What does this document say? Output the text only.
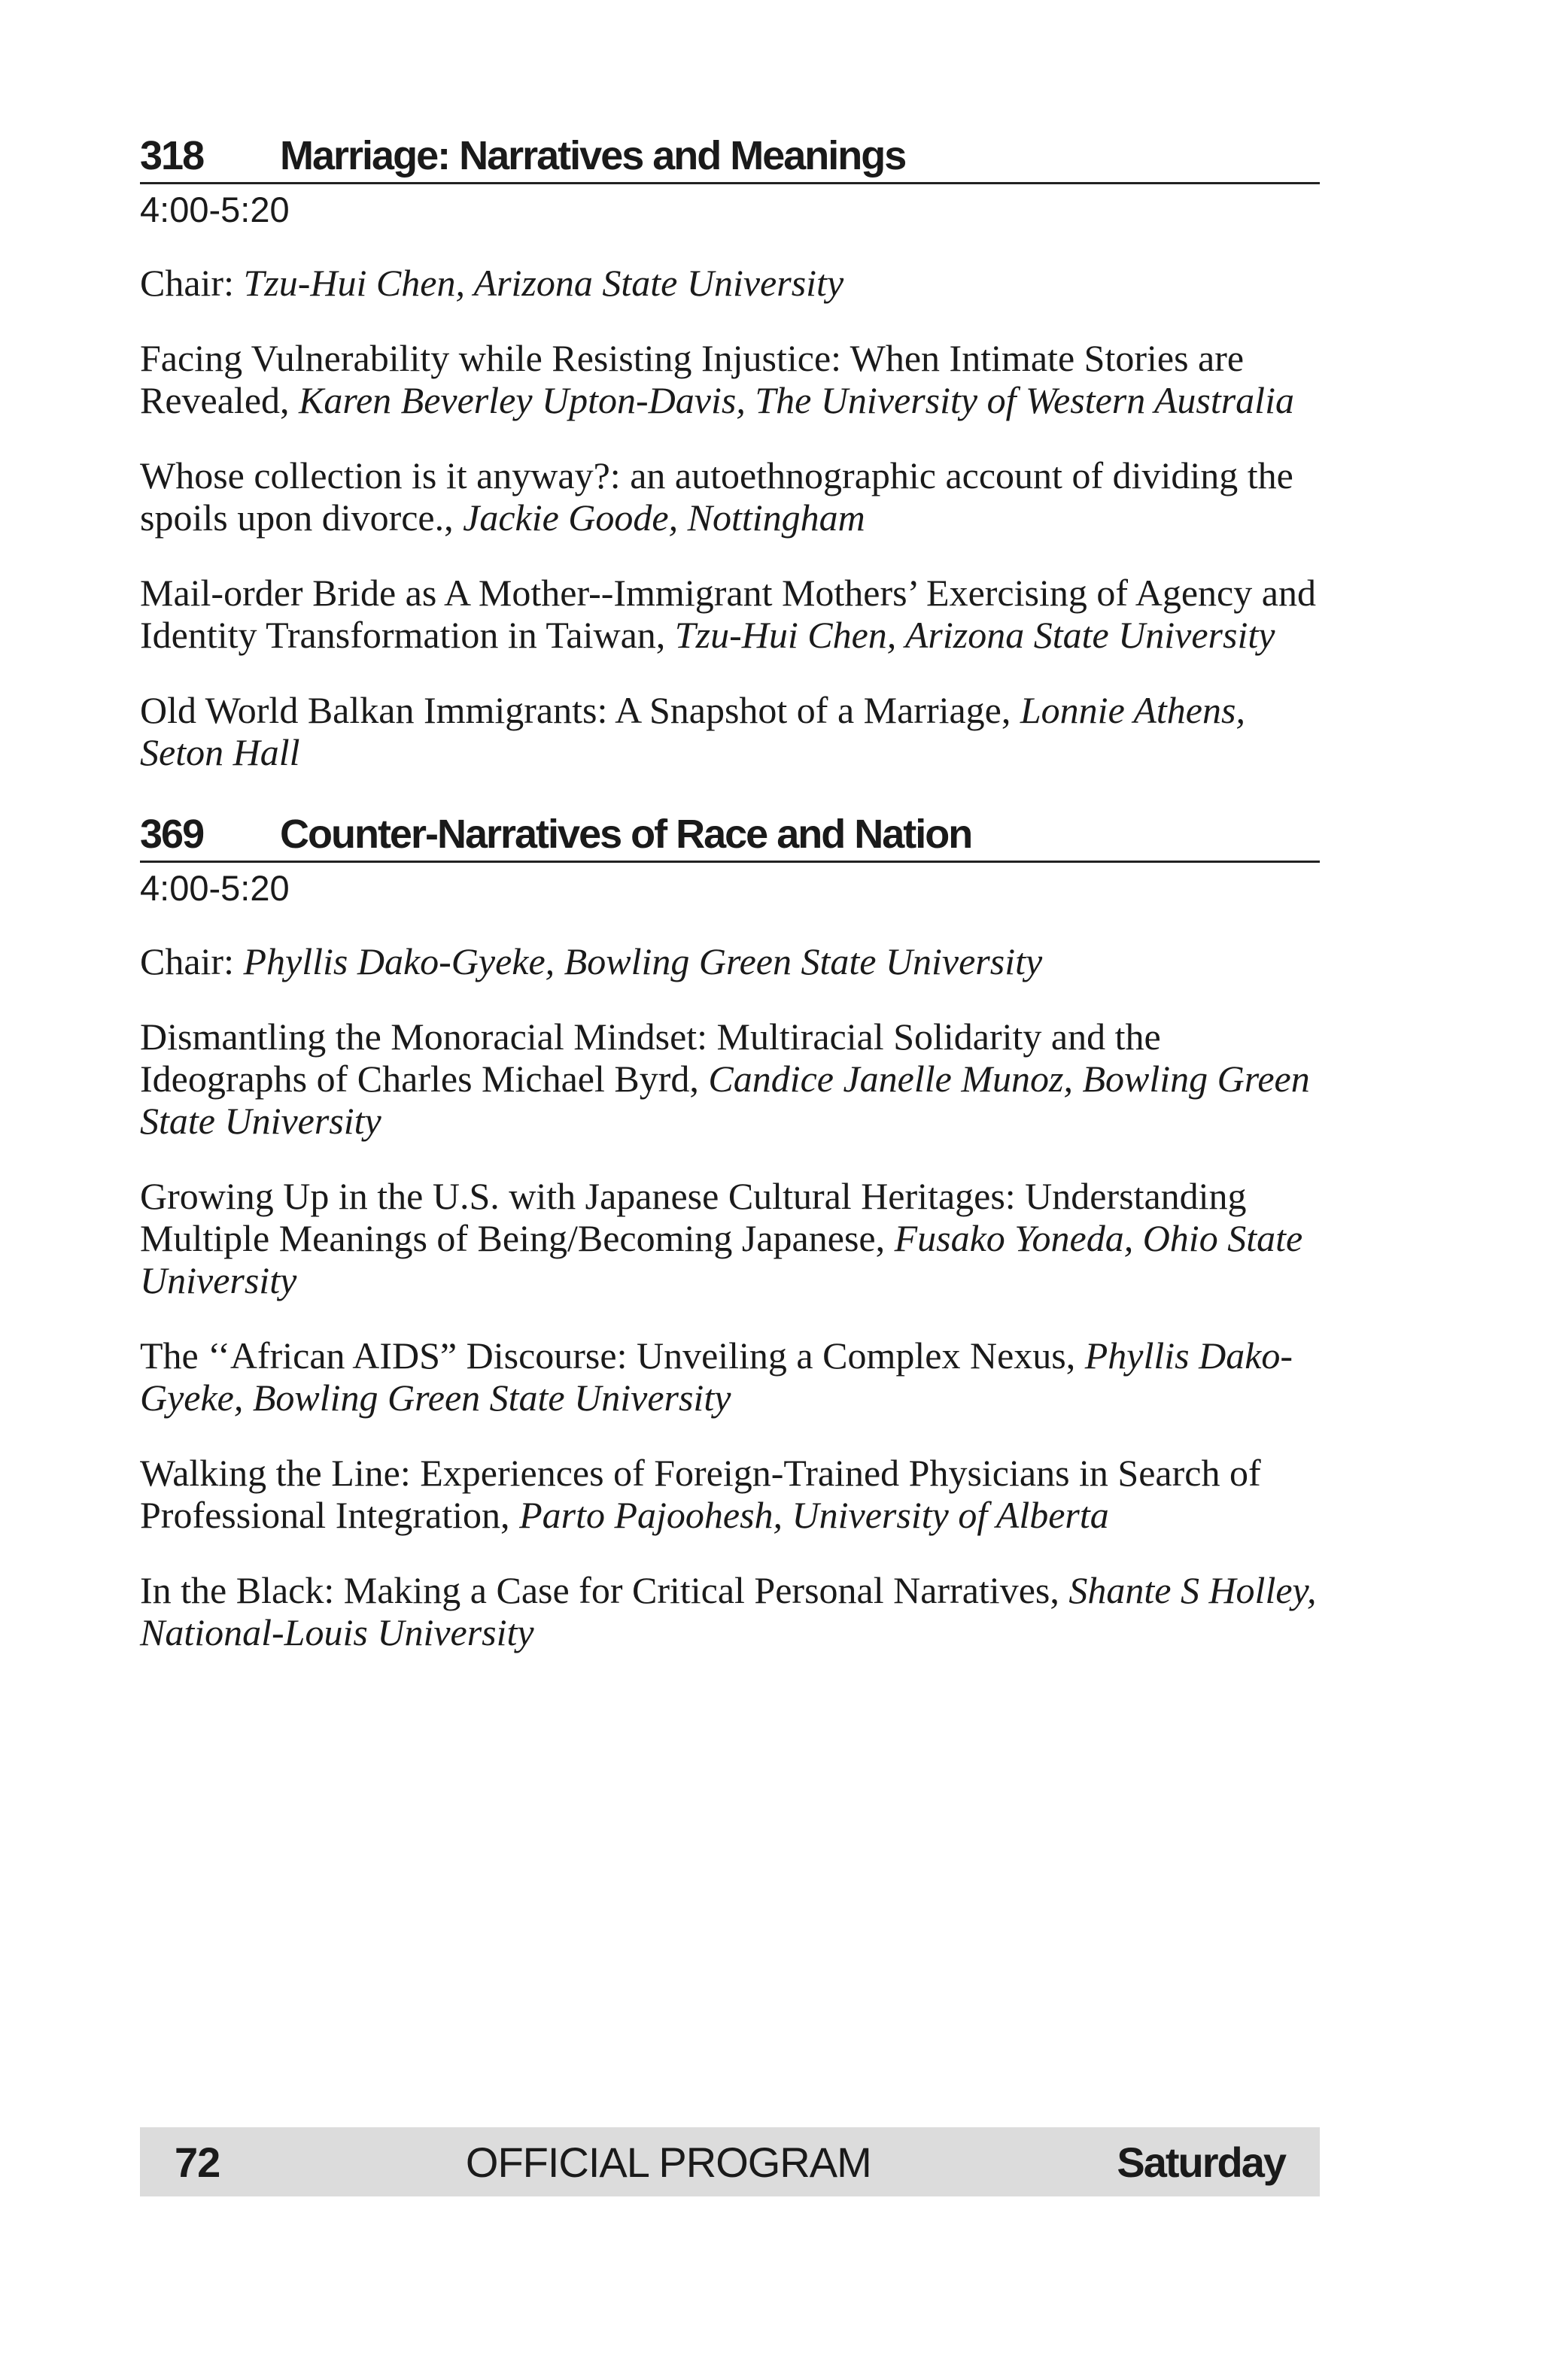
318	Marriage: Narratives and Meanings
4:00-5:20
Chair: Tzu-Hui Chen, Arizona State University
Facing Vulnerability while Resisting Injustice: When Intimate Stories are Revealed, Karen Beverley Upton-Davis, The University of Western Australia
Whose collection is it anyway?: an autoethnographic account of dividing the spoils upon divorce., Jackie Goode, Nottingham
Mail-order Bride as A Mother--Immigrant Mothers’ Exercising of Agency and Identity Transformation in Taiwan, Tzu-Hui Chen, Arizona State University
Old World Balkan Immigrants: A Snapshot of a Marriage, Lonnie Athens, Seton Hall
369	Counter-Narratives of Race and Nation
4:00-5:20
Chair: Phyllis Dako-Gyeke, Bowling Green State University
Dismantling the Monoracial Mindset: Multiracial Solidarity and the Ideographs of Charles Michael Byrd, Candice Janelle Munoz, Bowling Green State University
Growing Up in the U.S. with Japanese Cultural Heritages: Understanding Multiple Meanings of Being/Becoming Japanese, Fusako Yoneda, Ohio State University
The ‘‘African AIDS” Discourse: Unveiling a Complex Nexus, Phyllis Dako-Gyeke, Bowling Green State University
Walking the Line: Experiences of Foreign-Trained Physicians in Search of Professional Integration, Parto Pajoohesh, University of Alberta
In the Black: Making a Case for Critical Personal Narratives, Shante S Holley, National-Louis University
72	OFFICIAL PROGRAM	Saturday
